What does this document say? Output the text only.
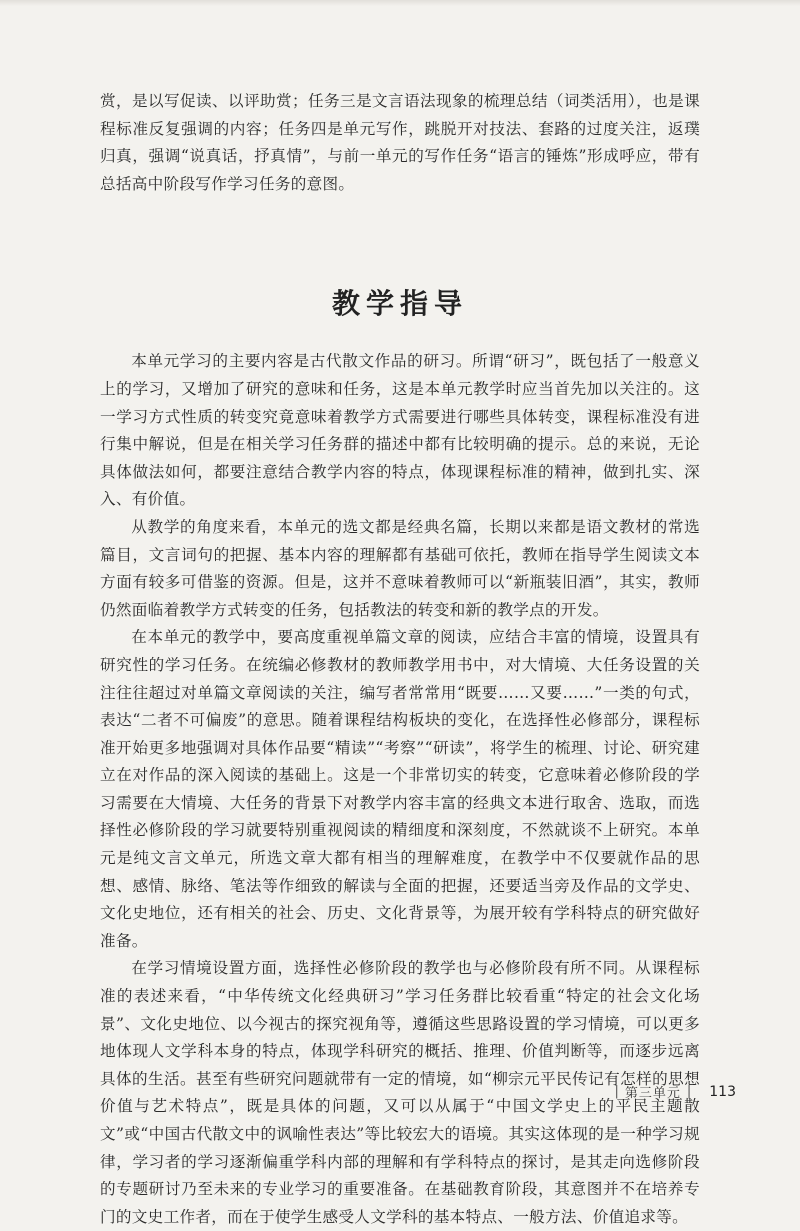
赏，是以写促读、以评助赏；任务三是文言语法现象的梳理总结（词类活用），也是课程标准反复强调的内容；任务四是单元写作，跳脱开对技法、套路的过度关注，返璞归真，强调“说真话，抒真情”，与前一单元的写作任务“语言的锤炼”形成呼应，带有总括高中阶段写作学习任务的意图。

教学指导

本单元学习的主要内容是古代散文作品的研习。所谓“研习”，既包括了一般意义上的学习，又增加了研究的意味和任务，这是本单元教学时应当首先加以关注的。这一学习方式性质的转变究竟意味着教学方式需要进行哪些具体转变，课程标准没有进行集中解说，但是在相关学习任务群的描述中都有比较明确的提示。总的来说，无论具体做法如何，都要注意结合教学内容的特点，体现课程标准的精神，做到扎实、深入、有价值。

从教学的角度来看，本单元的选文都是经典名篇，长期以来都是语文教材的常选篇目，文言词句的把握、基本内容的理解都有基础可依托，教师在指导学生阅读文本方面有较多可借鉴的资源。但是，这并不意味着教师可以“新瓶装旧酒”，其实，教师仍然面临着教学方式转变的任务，包括教法的转变和新的教学点的开发。

在本单元的教学中，要高度重视单篇文章的阅读，应结合丰富的情境，设置具有研究性的学习任务。在统编必修教材的教师教学用书中，对大情境、大任务设置的关注往往超过对单篇文章阅读的关注，编写者常常用“既要……又要……”一类的句式，表达“二者不可偏废”的意思。随着课程结构板块的变化，在选择性必修部分，课程标准开始更多地强调对具体作品要“精读”“考察”“研读”，将学生的梳理、讨论、研究建立在对作品的深入阅读的基础上。这是一个非常切实的转变，它意味着必修阶段的学习需要在大情境、大任务的背景下对教学内容丰富的经典文本进行取舍、选取，而选择性必修阶段的学习就要特别重视阅读的精细度和深刻度，不然就谈不上研究。本单元是纯文言文单元，所选文章大都有相当的理解难度，在教学中不仅要就作品的思想、感情、脉络、笔法等作细致的解读与全面的把握，还要适当旁及作品的文学史、文化史地位，还有相关的社会、历史、文化背景等，为展开较有学科特点的研究做好准备。

在学习情境设置方面，选择性必修阶段的教学也与必修阶段有所不同。从课程标准的表述来看，“中华传统文化经典研习”学习任务群比较看重“特定的社会文化场景”、文化史地位、以今视古的探究视角等，遵循这些思路设置的学习情境，可以更多地体现人文学科本身的特点，体现学科研究的概括、推理、价值判断等，而逐步远离具体的生活。甚至有些研究问题就带有一定的情境，如“柳宗元平民传记有怎样的思想价值与艺术特点”，既是具体的问题，又可以从属于“中国文学史上的平民主题散文”或“中国古代散文中的讽喻性表达”等比较宏大的语境。其实这体现的是一种学习规律，学习者的学习逐渐偏重学科内部的理解和有学科特点的探讨，是其走向选修阶段的专题研讨乃至未来的专业学习的重要准备。在基础教育阶段，其意图并不在培养专门的文史工作者，而在于使学生感受人文学科的基本特点、一般方法、价值追求等。

| 第三单元 | 113
